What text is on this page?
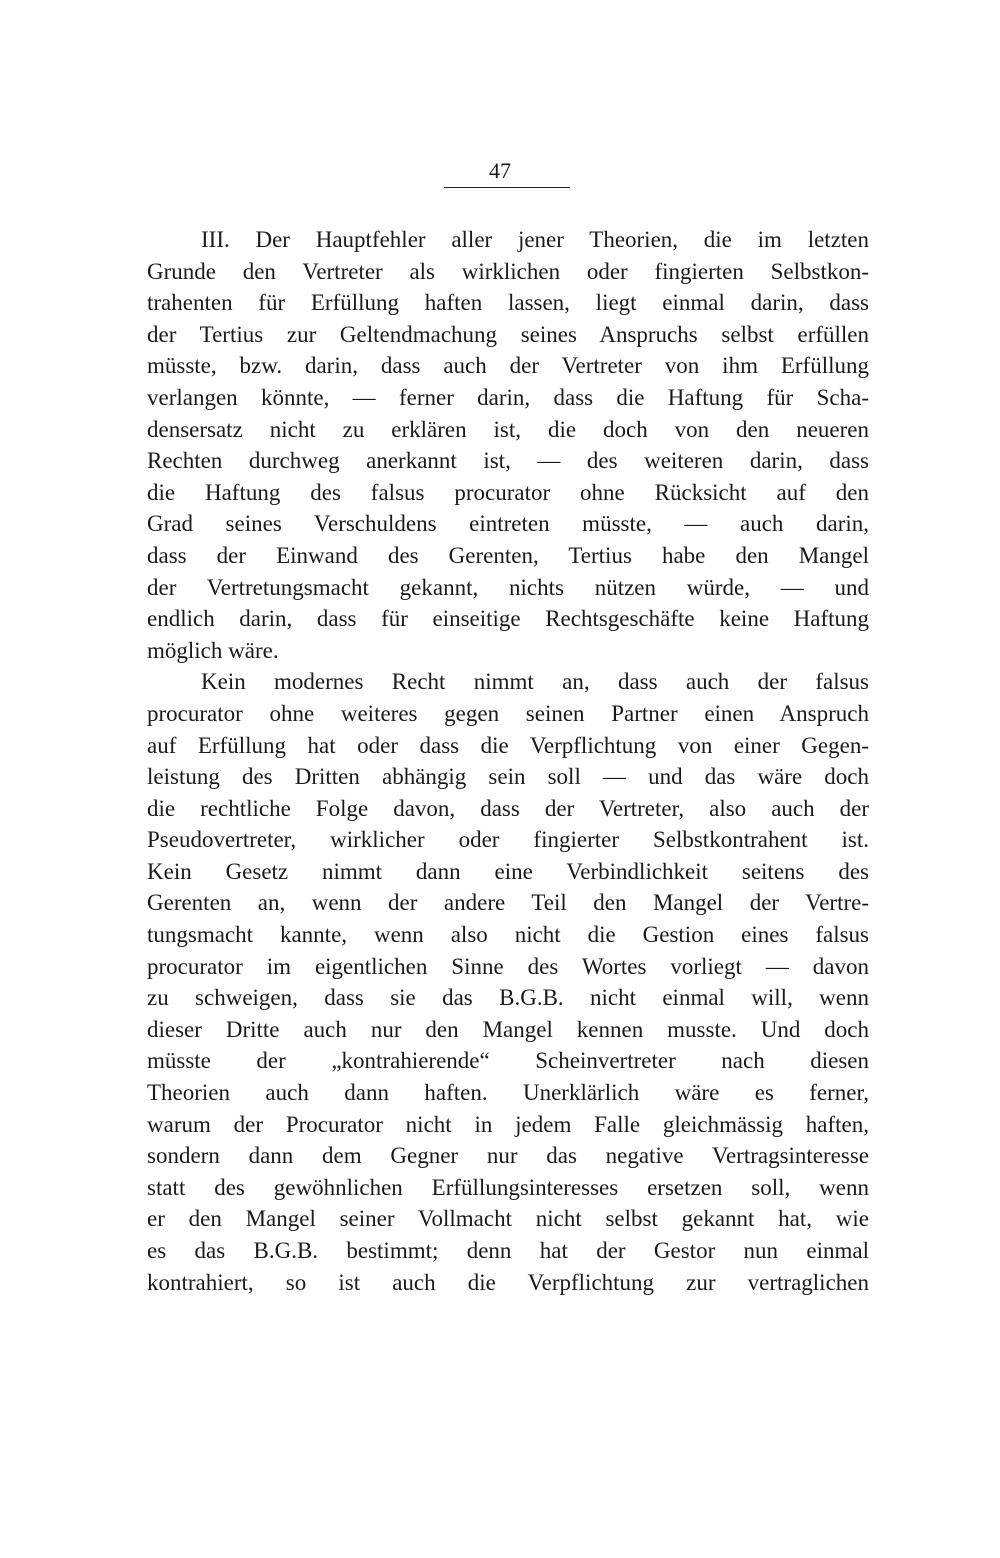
47
III. Der Hauptfehler aller jener Theorien, die im letzten
Grunde den Vertreter als wirklichen oder fingierten Selbstkon-
trahenten für Erfüllung haften lassen, liegt einmal darin, dass
der Tertius zur Geltendmachung seines Anspruchs selbst erfüllen
müsste, bzw. darin, dass auch der Vertreter von ihm Erfüllung
verlangen könnte, — ferner darin, dass die Haftung für Scha-
densersatz nicht zu erklären ist, die doch von den neueren
Rechten durchweg anerkannt ist, — des weiteren darin, dass
die Haftung des falsus procurator ohne Rücksicht auf den
Grad seines Verschuldens eintreten müsste, — auch darin,
dass der Einwand des Gerenten, Tertius habe den Mangel
der Vertretungsmacht gekannt, nichts nützen würde, — und
endlich darin, dass für einseitige Rechtsgeschäfte keine Haftung
möglich wäre.
Kein modernes Recht nimmt an, dass auch der falsus
procurator ohne weiteres gegen seinen Partner einen Anspruch
auf Erfüllung hat oder dass die Verpflichtung von einer Gegen-
leistung des Dritten abhängig sein soll — und das wäre doch
die rechtliche Folge davon, dass der Vertreter, also auch der
Pseudovertreter, wirklicher oder fingierter Selbstkontrahent ist.
Kein Gesetz nimmt dann eine Verbindlichkeit seitens des
Gerenten an, wenn der andere Teil den Mangel der Vertre-
tungsmacht kannte, wenn also nicht die Gestion eines falsus
procurator im eigentlichen Sinne des Wortes vorliegt — davon
zu schweigen, dass sie das B.G.B. nicht einmal will, wenn
dieser Dritte auch nur den Mangel kennen musste. Und doch
müsste der „kontrahierende“ Scheinvertreter nach diesen
Theorien auch dann haften. Unerklärlich wäre es ferner,
warum der Procurator nicht in jedem Falle gleichmässig haften,
sondern dann dem Gegner nur das negative Vertragsinteresse
statt des gewöhnlichen Erfüllungsinteresses ersetzen soll, wenn
er den Mangel seiner Vollmacht nicht selbst gekannt hat, wie
es das B.G.B. bestimmt; denn hat der Gestor nun einmal
kontrahiert, so ist auch die Verpflichtung zur vertraglichen
